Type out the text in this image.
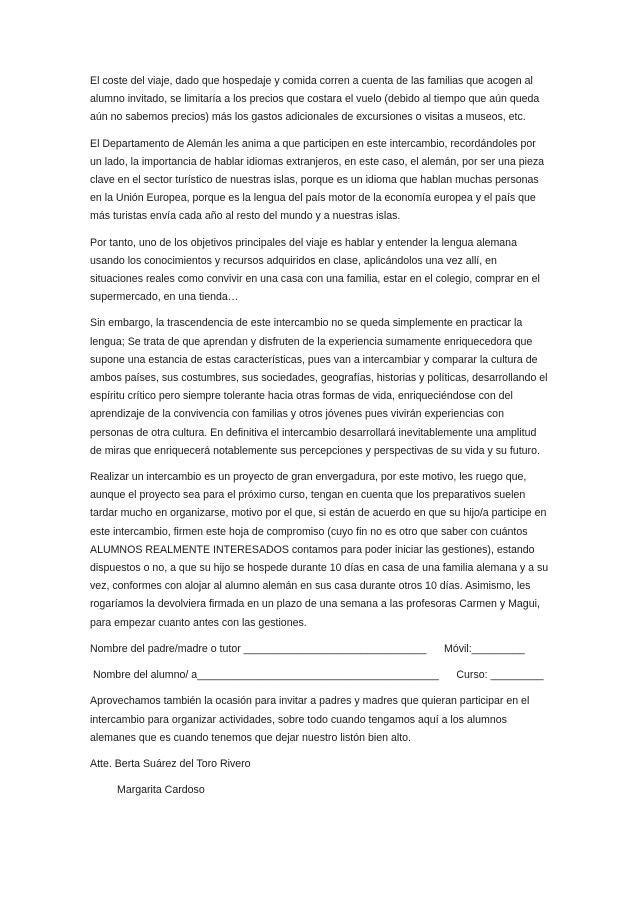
El coste del viaje, dado que hospedaje y comida corren a cuenta de las familias que acogen al alumno invitado, se limitaría a los precios que costara el vuelo (debido al tiempo que aún queda aún no sabemos precios) más los gastos adicionales de excursiones o visitas a museos, etc.

El Departamento de Alemán les anima a que participen en este intercambio, recordándoles por un lado, la importancia de hablar idiomas extranjeros, en este caso, el alemán, por ser una pieza clave en el sector turístico de nuestras islas, porque es un idioma que hablan muchas personas en la Unión Europea, porque es la lengua del país motor de la economía europea y el país que más turistas envía cada año al resto del mundo y a nuestras islas.

Por tanto, uno de los objetivos principales del viaje es hablar y entender la lengua alemana usando los conocimientos y recursos adquiridos en clase, aplicándolos una vez allí, en situaciones reales como convivir en una casa con una familia, estar en el colegio, comprar en el supermercado, en una tienda…

Sin embargo, la trascendencia de este intercambio no se queda simplemente en practicar la lengua; Se trata de que aprendan y disfruten de la experiencia sumamente enriquecedora que supone una estancia de estas características, pues van a intercambiar y comparar la cultura de ambos países, sus costumbres, sus sociedades, geografías, historias y políticas, desarrollando el espíritu crítico pero siempre tolerante hacia otras formas de vida, enriqueciéndose con del aprendizaje de la convivencia con familias y otros jóvenes pues vivirán experiencias con personas de otra cultura. En definitiva el intercambio desarrollará inevitablemente una amplitud de miras que enriquecerá notablemente sus percepciones y perspectivas de su vida y su futuro.

Realizar un intercambio es un proyecto de gran envergadura, por este motivo, les ruego que, aunque el proyecto sea para el próximo curso, tengan en cuenta que los preparativos suelen tardar mucho en organizarse, motivo por el que, si están de acuerdo en que su hijo/a participe en este intercambio, firmen este hoja de compromiso (cuyo fin no es otro que saber con cuántos ALUMNOS REALMENTE INTERESADOS contamos para poder iniciar las gestiones), estando dispuestos o no, a que su hijo se hospede durante 10 días en casa de una familia alemana y a su vez, conformes con alojar al alumno alemán en sus casa durante otros 10 días. Asimismo, les rogaríamos la devolviera firmada en un plazo de una semana a las profesoras Carmen y Magui, para empezar cuanto antes con las gestiones.

Nombre del padre/madre o tutor _______________________________      Móvil:_________
Nombre del alumno/ a_________________________________________      Curso: _________

Aprovechamos también la ocasión para invitar a padres y madres que quieran participar en el intercambio para organizar actividades, sobre todo cuando tengamos aquí a los alumnos alemanes que es cuando tenemos que dejar nuestro listón bien alto.

Atte. Berta Suárez del Toro Rivero

Margarita Cardoso
